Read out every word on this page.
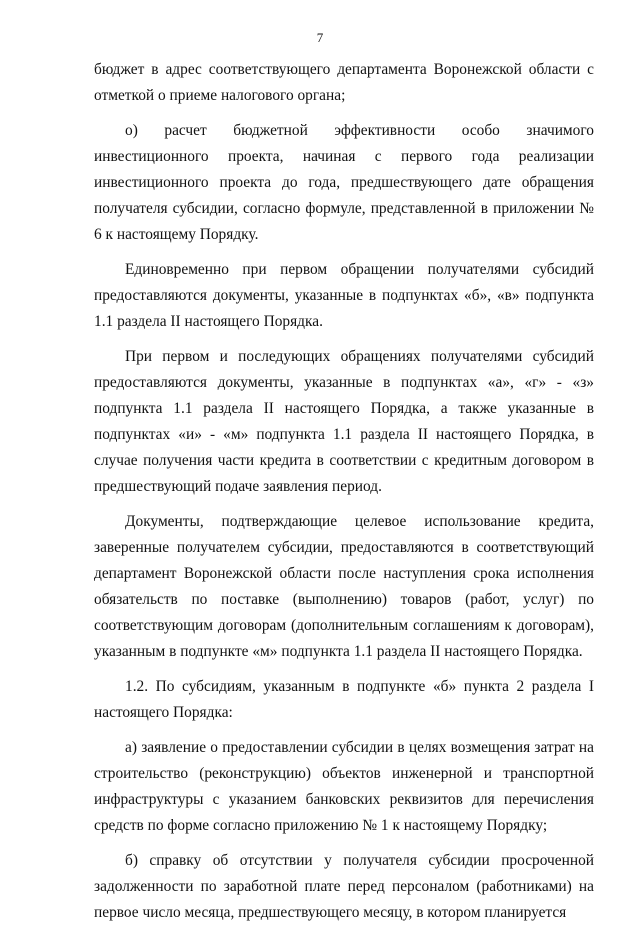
7

бюджет в адрес соответствующего департамента Воронежской области с отметкой о приеме налогового органа;

о) расчет бюджетной эффективности особо значимого инвестиционного проекта, начиная с первого года реализации инвестиционного проекта до года, предшествующего дате обращения получателя субсидии, согласно формуле, представленной в приложении № 6 к настоящему Порядку.

Единовременно при первом обращении получателями субсидий предоставляются документы, указанные в подпунктах «б», «в» подпункта 1.1 раздела II настоящего Порядка.

При первом и последующих обращениях получателями субсидий предоставляются документы, указанные в подпунктах «а», «г» - «з» подпункта 1.1 раздела II настоящего Порядка, а также указанные в подпунктах «и» - «м» подпункта 1.1 раздела II настоящего Порядка, в случае получения части кредита в соответствии с кредитным договором в предшествующий подаче заявления период.

Документы, подтверждающие целевое использование кредита, заверенные получателем субсидии, предоставляются в соответствующий департамент Воронежской области после наступления срока исполнения обязательств по поставке (выполнению) товаров (работ, услуг) по соответствующим договорам (дополнительным соглашениям к договорам), указанным в подпункте «м» подпункта 1.1 раздела II настоящего Порядка.

1.2. По субсидиям, указанным в подпункте «б» пункта 2 раздела I настоящего Порядка:

а) заявление о предоставлении субсидии в целях возмещения затрат на строительство (реконструкцию) объектов инженерной и транспортной инфраструктуры с указанием банковских реквизитов для перечисления средств по форме согласно приложению № 1 к настоящему Порядку;

б) справку об отсутствии у получателя субсидии просроченной задолженности по заработной плате перед персоналом (работниками) на первое число месяца, предшествующего месяцу, в котором планируется
